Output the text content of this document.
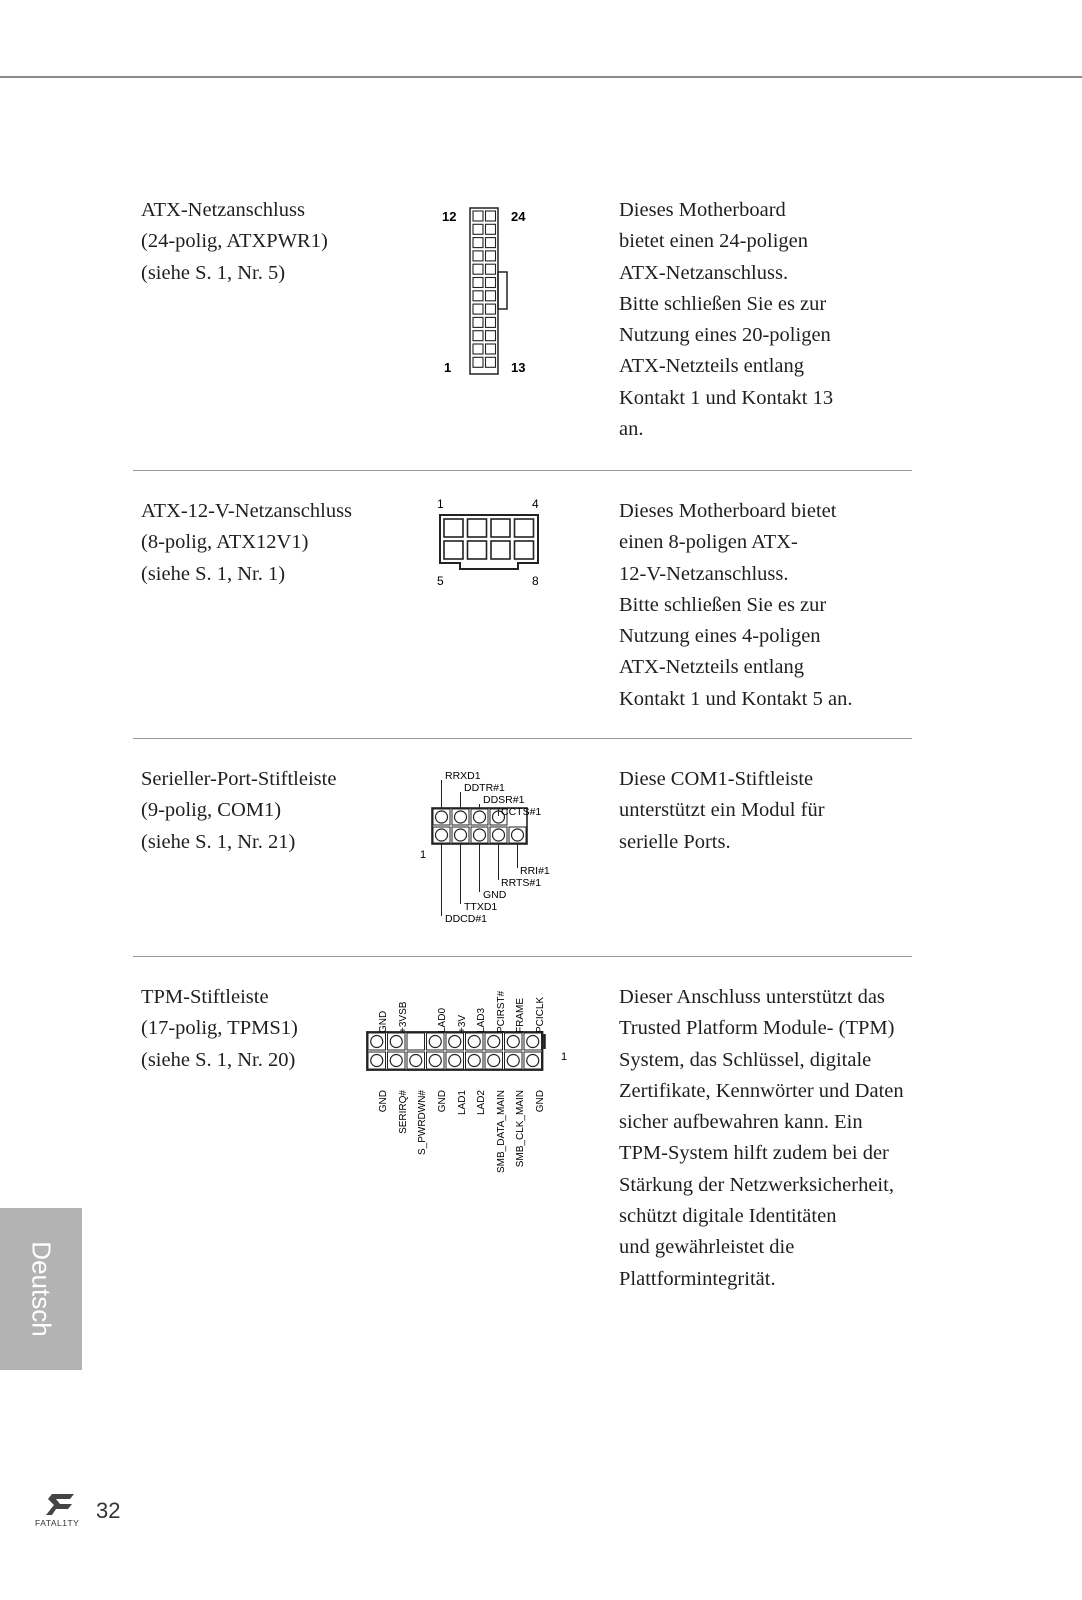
ATX-Netzanschluss
(24-polig, ATXPWR1)
(siehe S. 1, Nr. 5)
12	24
1	13
Dieses Motherboard
bietet einen 24-poligen
ATX-Netzanschluss.
Bitte schließen Sie es zur
Nutzung eines 20-poligen
ATX-Netzteils entlang
Kontakt 1 und Kontakt 13
an.
ATX-12-V-Netzanschluss
(8-polig, ATX12V1)
(siehe S. 1, Nr. 1)
1	4
5	8
Dieses Motherboard bietet
einen 8-poligen ATX-
12-V-Netzanschluss.
Bitte schließen Sie es zur
Nutzung eines 4-poligen
ATX-Netzteils entlang
Kontakt 1 und Kontakt 5 an.
Serieller-Port-Stiftleiste
(9-polig, COM1)
(siehe S. 1, Nr. 21)
RRXD1
DDTR#1
DDSR#1
CCTS#1
RRI#1
RRTS#1
GND
TTXD1
DDCD#1
1
Diese COM1-Stiftleiste
unterstützt ein Modul für
serielle Ports.
TPM-Stiftleiste
(17-polig, TPMS1)
(siehe S. 1, Nr. 20)
GND +3VSB	LAD0 +3V LAD3 PCIRST# FRAME PCICLK
GND SERIRQ# S_PWRDWN# GND LAD1 LAD2 SMB_DATA_MAIN SMB_CLK_MAIN GND
1
Dieser Anschluss unterstützt das
Trusted Platform Module- (TPM)
System, das Schlüssel, digitale
Zertifikate, Kennwörter und Daten
sicher aufbewahren kann. Ein
TPM-System hilft zudem bei der
Stärkung der Netzwerksicherheit,
schützt digitale Identitäten
und gewährleistet die
Plattformintegrität.
Deutsch
FATAL1TY 32
